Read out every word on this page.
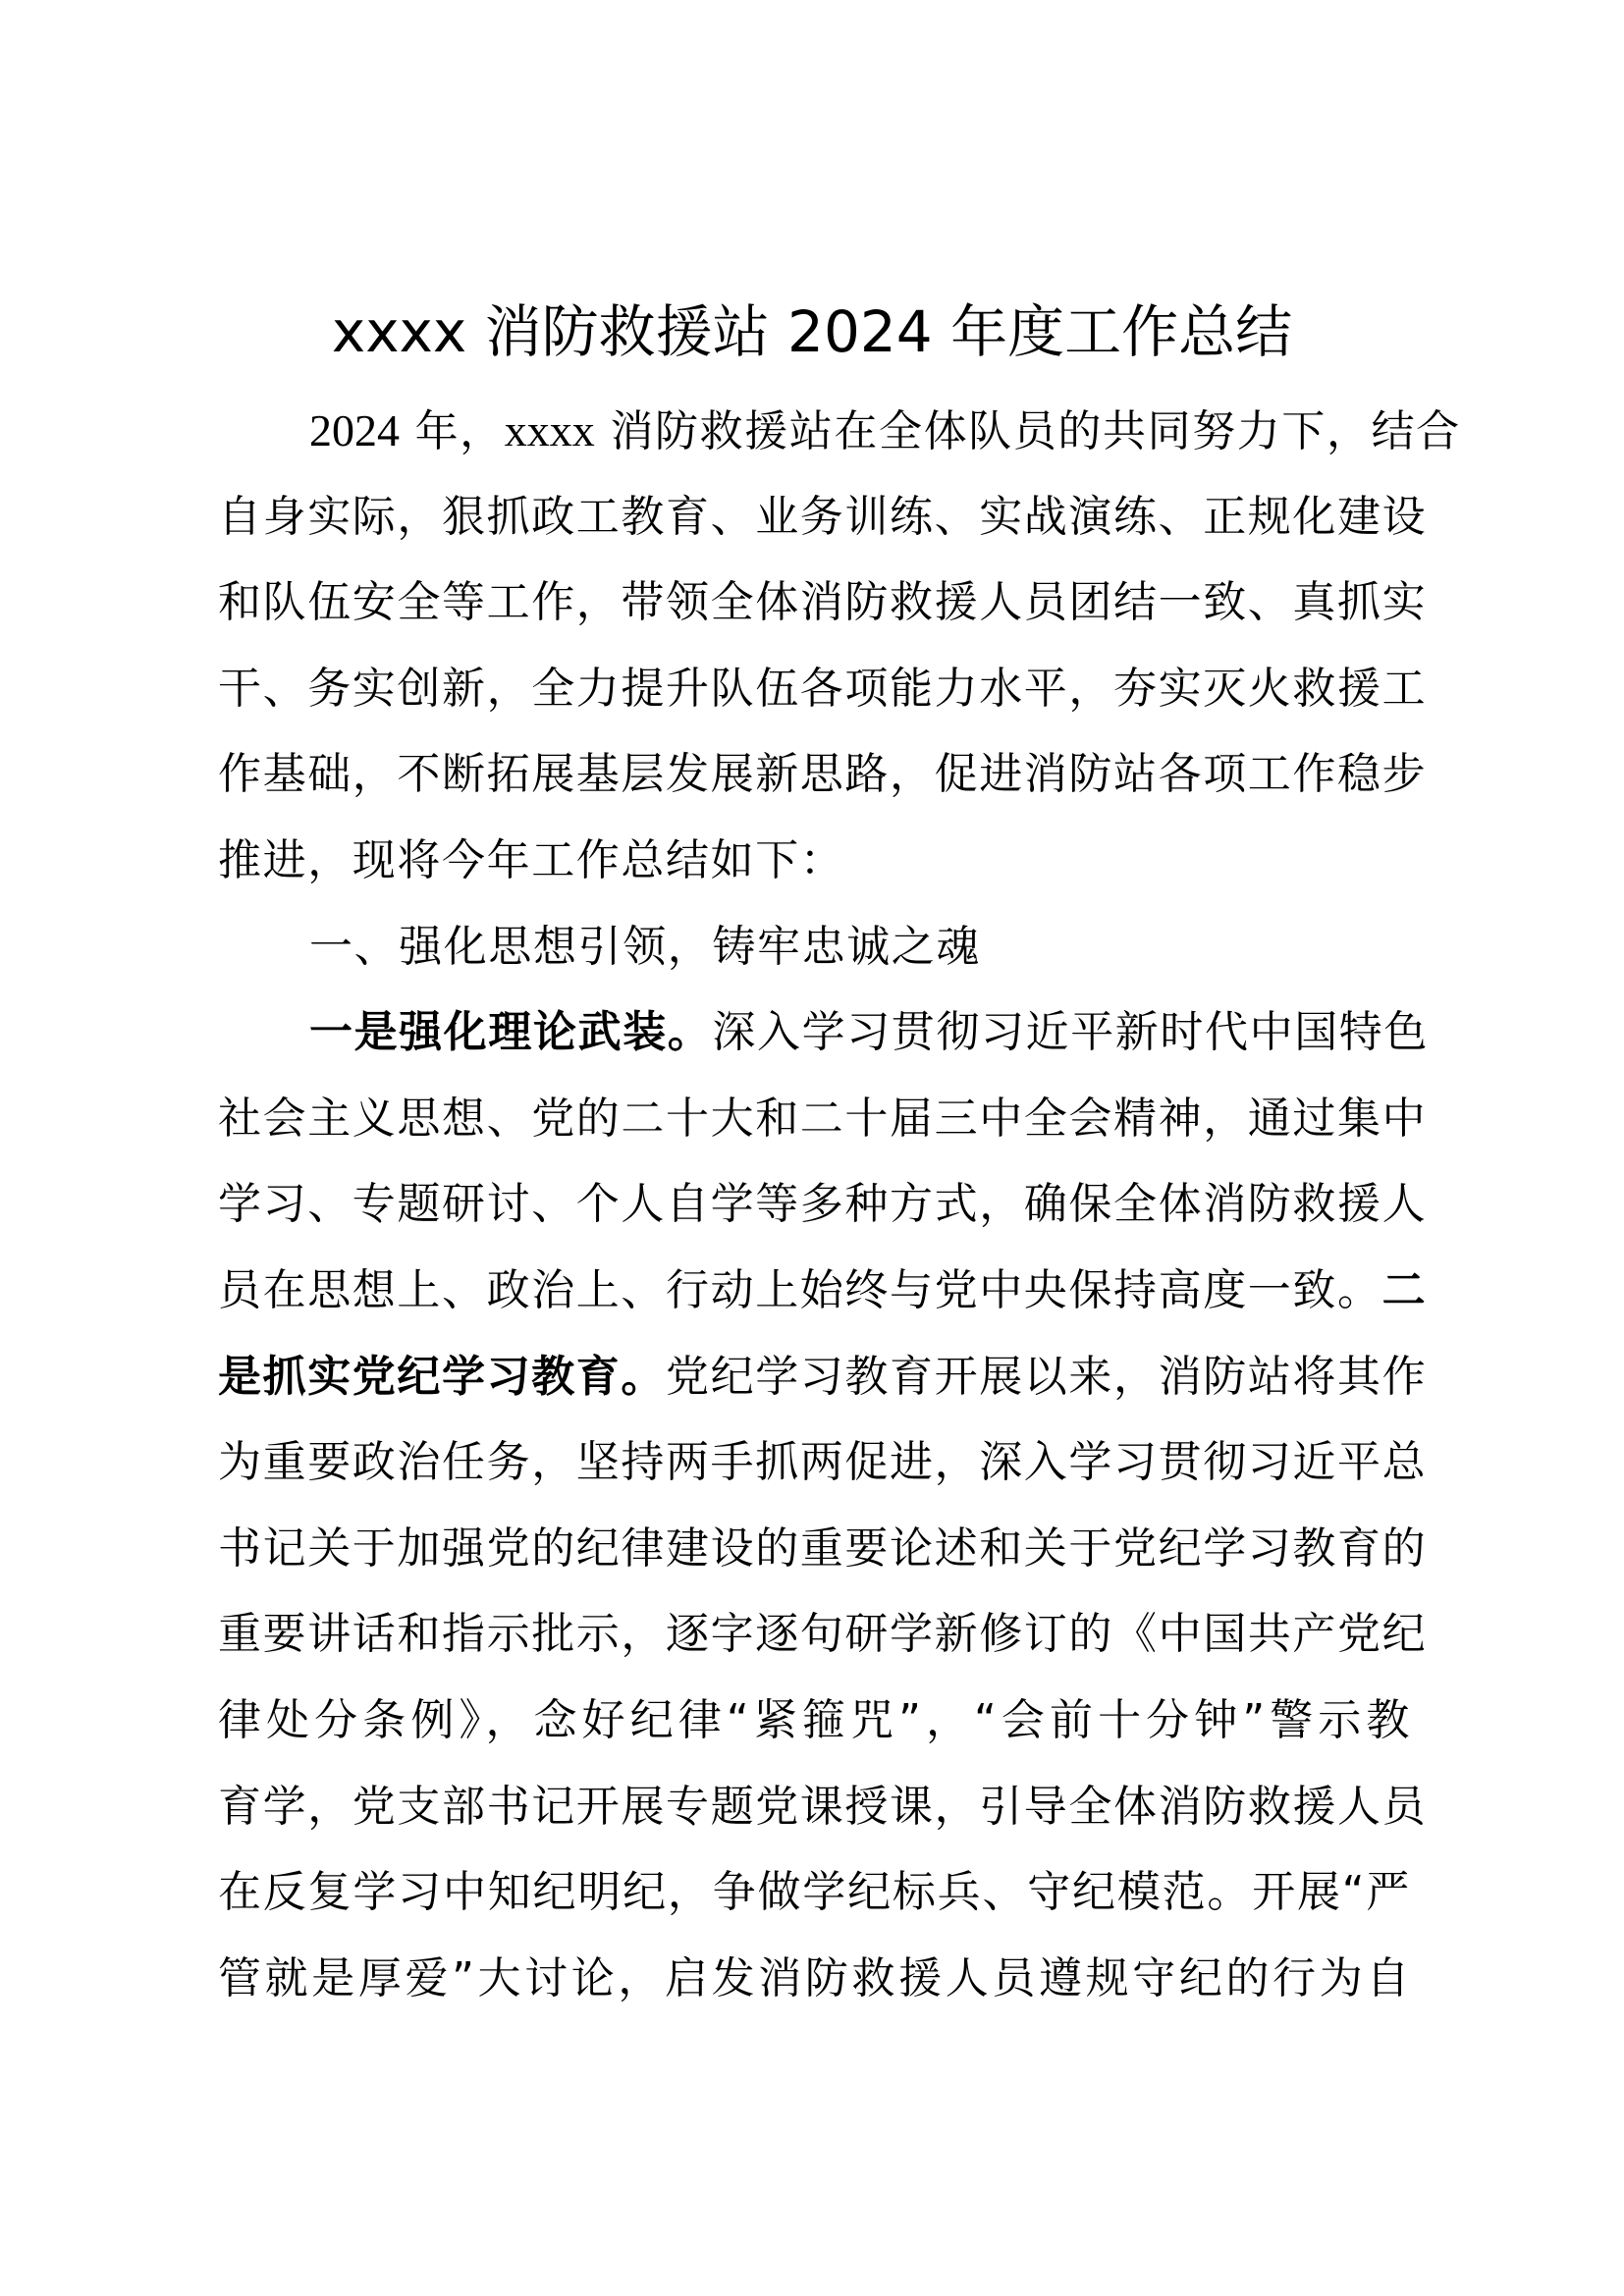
xxxx 消防救援站 2024 年度工作总结
2024 年，xxxx 消防救援站在全体队员的共同努力下，结合
自身实际，狠抓政工教育、业务训练、实战演练、正规化建设
和队伍安全等工作，带领全体消防救援人员团结一致、真抓实
干、务实创新，全力提升队伍各项能力水平，夯实灭火救援工
作基础，不断拓展基层发展新思路，促进消防站各项工作稳步
推进，现将今年工作总结如下：
一、强化思想引领，铸牢忠诚之魂
一是强化理论武装。深入学习贯彻习近平新时代中国特色
社会主义思想、党的二十大和二十届三中全会精神，通过集中
学习、专题研讨、个人自学等多种方式，确保全体消防救援人
员在思想上、政治上、行动上始终与党中央保持高度一致。二
是抓实党纪学习教育。党纪学习教育开展以来，消防站将其作
为重要政治任务，坚持两手抓两促进，深入学习贯彻习近平总
书记关于加强党的纪律建设的重要论述和关于党纪学习教育的
重要讲话和指示批示，逐字逐句研学新修订的《中国共产党纪
律处分条例》，念好纪律“紧箍咒”，“会前十分钟”警示教
育学，党支部书记开展专题党课授课，引导全体消防救援人员
在反复学习中知纪明纪，争做学纪标兵、守纪模范。开展“严
管就是厚爱”大讨论，启发消防救援人员遵规守纪的行为自
